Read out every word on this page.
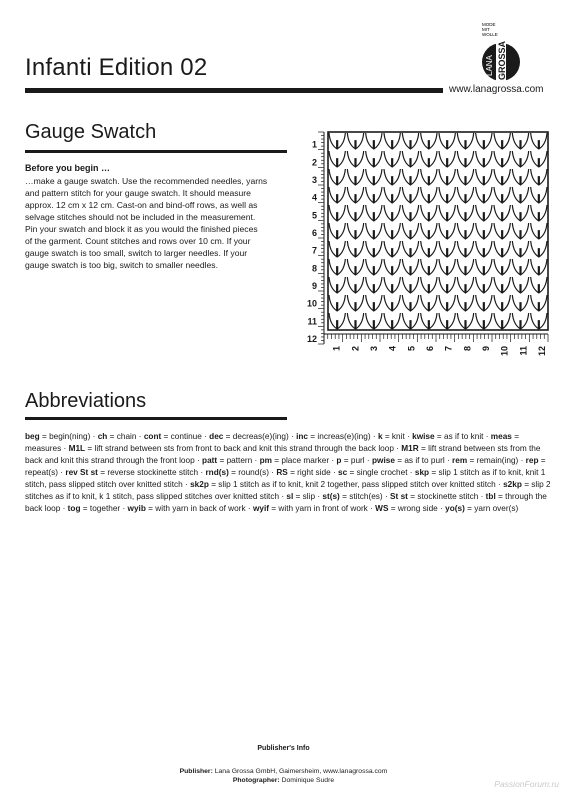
Infanti Edition 02
www.lanagrossa.com
MODE
MIT
WOLLE
LANA GROSSA
Gauge Swatch
Before you begin …
…make a gauge swatch. Use the recommended needles, yarns
and pattern stitch for your gauge swatch. It should measure
approx. 12 cm x 12 cm. Cast-on and bind-off rows, as well as
selvage stitches should not be included in the measurement.
Pin your swatch and block it as you would the finished pieces
of the garment. Count stitches and rows over 10 cm. If your
gauge swatch is too small, switch to larger needles. If your
gauge swatch is too big, switch to smaller needles.
1
2
3
4
5
6
7
8
9
10
11
12
1 2 3 4 5 6 7 8 9 10 11 12
Abbreviations
beg = begin(ning) · ch = chain · cont = continue · dec = decreas(e)(ing) · inc = increas(e)(ing) · k = knit · kwise = as if to knit · meas = measures · M1L = lift strand between sts from front to back and knit this strand through the back loop · M1R = lift strand between sts from the back and knit this strand through the front loop · patt = pattern · pm = place marker · p = purl · pwise = as if to purl · rem = remain(ing) · rep = repeat(s) · rev St st = reverse stockinette stitch · rnd(s) = round(s) · RS = right side · sc = single crochet · skp = slip 1 stitch as if to knit, knit 1 stitch, pass slipped stitch over knitted stitch · sk2p = slip 1 stitch as if to knit, knit 2 together, pass slipped stitch over knitted stitch · s2kp = slip 2 stitches as if to knit, k 1 stitch, pass slipped stitches over knitted stitch · sl = slip · st(s) = stitch(es) · St st = stockinette stitch · tbl = through the back loop · tog = together · wyib = with yarn in back of work · wyif = with yarn in front of work · WS = wrong side · yo(s) = yarn over(s)
Publisher's Info
Publisher: Lana Grossa GmbH, Gaimersheim, www.lanagrossa.com
Photographer: Dominique Sudre	PassionForum.ru
